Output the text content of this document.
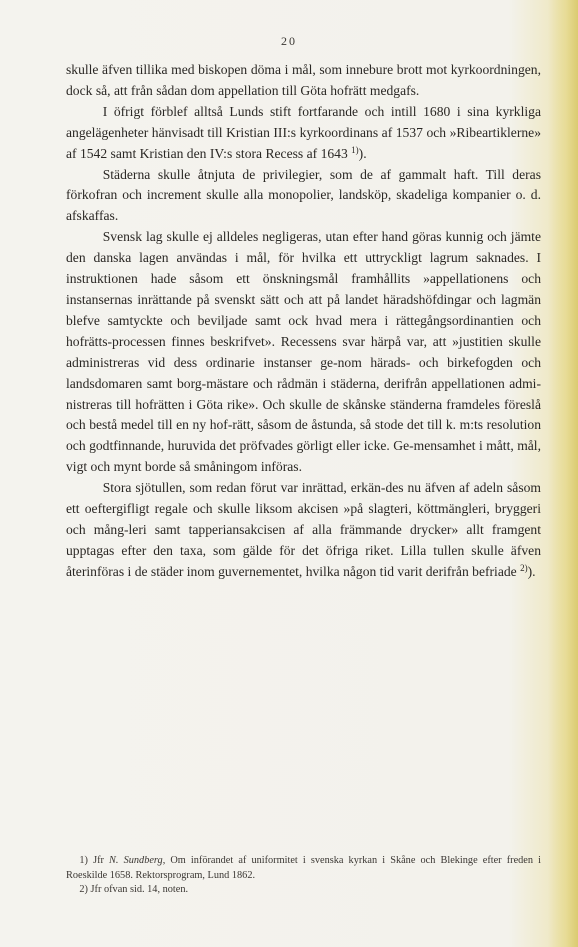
20

skulle äfven tillika med biskopen döma i mål, som innebure brott mot kyrkoordningen, dock så, att från sådan dom appellation till Göta hofrätt medgafs.

I öfrigt förblef alltså Lunds stift fortfarande och intill 1680 i sina kyrkliga angelägenheter hänvisadt till Kristian III:s kyrkoordinans af 1537 och »Ribeartiklerne» af 1542 samt Kristian den IV:s stora Recess af 1643 $^{1)}$).

Städerna skulle åtnjuta de privilegier, som de af gammalt haft. Till deras förkofran och increment skulle alla monopolier, landsköp, skadeliga kompanier o. d. afskaffas.

Svensk lag skulle ej alldeles negligeras, utan efter hand göras kunnig och jämte den danska lagen användas i mål, för hvilka ett uttryckligt lagrum saknades. I instruktionen hade såsom ett önskningsmål framhållits »appellationens och instansernas inrättande på svenskt sätt och att på landet häradshöfdingar och lagmän blefve samtyckte och beviljade samt ock hvad mera i rättegångsordinantien och hofrätts-processen finnes beskrifvet». Recessens svar härpå var, att »justitien skulle administreras vid dess ordinarie instanser ge-nom härads- och birkefogden och landsdomaren samt borg-mästare och rådmän i städerna, derifrån appellationen admi-nistreras till hofrätten i Göta rike». Och skulle de skånske ständerna framdeles föreslå och bestå medel till en ny hof-rätt, såsom de åstunda, så stode det till k. m:ts resolution och godtfinnande, huruvida det pröfvades görligt eller icke. Ge-mensamhet i mått, mål, vigt och mynt borde så småningom införas.

Stora sjötullen, som redan förut var inrättad, erkän-des nu äfven af adeln såsom ett oeftergifligt regale och skulle liksom akcisen »på slagteri, köttmängleri, bryggeri och mång-leri samt tapperiansakcisen af alla främmande drycker» allt framgent upptagas efter den taxa, som gälde för det öfriga riket. Lilla tullen skulle äfven återinföras i de städer inom guvernementet, hvilka någon tid varit derifrån befriade $^{2)}$).

1) Jfr N. Sundberg, Om införandet af uniformitet i svenska kyrkan i Skåne och Blekinge efter freden i Roeskilde 1658. Rektorsprogram, Lund 1862.

2) Jfr ofvan sid. 14, noten.
